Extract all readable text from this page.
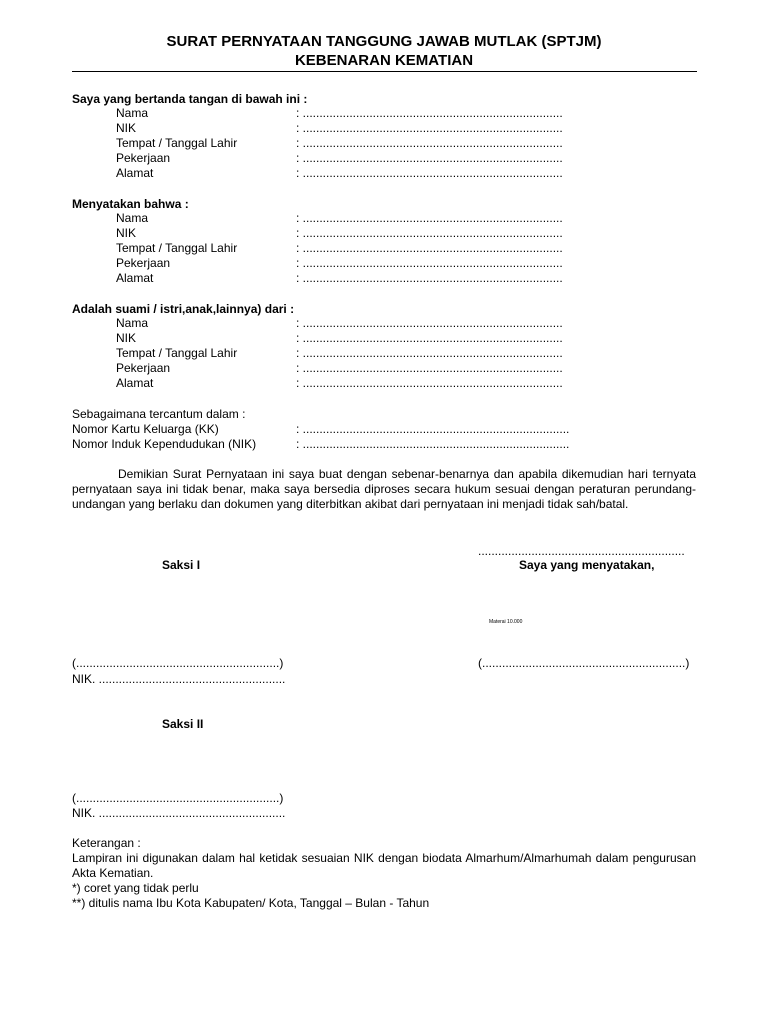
SURAT PERNYATAAN TANGGUNG JAWAB MUTLAK (SPTJM)
KEBENARAN KEMATIAN
Saya yang bertanda tangan di bawah ini :
Nama	: ..............................................................................
NIK	: ..............................................................................
Tempat / Tanggal Lahir	: ..............................................................................
Pekerjaan	: ..............................................................................
Alamat	: ..............................................................................
Menyatakan bahwa :
Nama	: ..............................................................................
NIK	: ..............................................................................
Tempat / Tanggal Lahir	: ..............................................................................
Pekerjaan	: ..............................................................................
Alamat	: ..............................................................................
Adalah suami / istri,anak,lainnya) dari :
Nama	: ..............................................................................
NIK	: ..............................................................................
Tempat / Tanggal Lahir	: ..............................................................................
Pekerjaan	: ..............................................................................
Alamat	: ..............................................................................
Sebagaimana tercantum dalam :
Nomor Kartu Keluarga (KK)	: ................................................................................
Nomor Induk Kependudukan (NIK)	: ................................................................................
Demikian Surat Pernyataan ini saya buat dengan sebenar-benarnya dan apabila dikemudian hari ternyata pernyataan saya ini tidak benar, maka saya bersedia diproses secara hukum sesuai dengan peraturan perundang-undangan yang berlaku dan dokumen yang diterbitkan akibat dari pernyataan ini menjadi tidak sah/batal.
..............................................................
Saksi I	Saya yang menyatakan,
Materai 10.000
(.............................................................)	(.............................................................)
NIK. ........................................................
Saksi II
(.............................................................)
NIK. ........................................................
Keterangan :
Lampiran ini digunakan dalam hal ketidak sesuaian NIK dengan biodata Almarhum/Almarhumah dalam pengurusan Akta Kematian.
*) coret yang tidak perlu
**) ditulis nama Ibu Kota Kabupaten/ Kota, Tanggal – Bulan - Tahun
